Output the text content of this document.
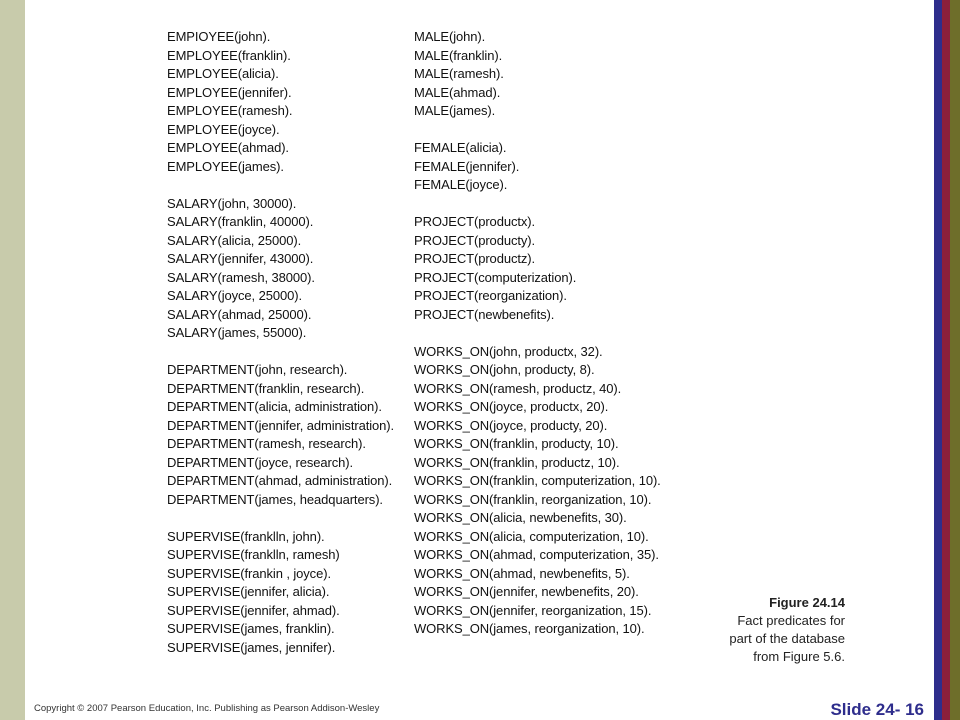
EMPIOYEE(john).
EMPLOYEE(franklin).
EMPLOYEE(alicia).
EMPLOYEE(jennifer).
EMPLOYEE(ramesh).
EMPLOYEE(joyce).
EMPLOYEE(ahmad).
EMPLOYEE(james).
SALARY(john, 30000).
SALARY(franklin, 40000).
SALARY(alicia, 25000).
SALARY(jennifer, 43000).
SALARY(ramesh, 38000).
SALARY(joyce, 25000).
SALARY(ahmad, 25000).
SALARY(james, 55000).
DEPARTMENT(john, research).
DEPARTMENT(franklin, research).
DEPARTMENT(alicia, administration).
DEPARTMENT(jennifer, administration).
DEPARTMENT(ramesh, research).
DEPARTMENT(joyce, research).
DEPARTMENT(ahmad, administration).
DEPARTMENT(james, headquarters).
SUPERVISE(frankl​ln, john).
SUPERVISE(frankl​ln, ramesh)
SUPERVISE(frankin , joyce).
SUPERVISE(jennifer, alicia).
SUPERVISE(jennifer, ahmad).
SUPERVISE(james, franklin).
SUPERVISE(james, jennifer).
MALE(john).
MALE(franklin).
MALE(ramesh).
MALE(ahmad).
MALE(james).
FEMALE(alicia).
FEMALE(jennifer).
FEMALE(joyce).
PROJECT(productx).
PROJECT(producty).
PROJECT(productz).
PROJECT(computerization).
PROJECT(reorganization).
PROJECT(newbenefits).
WORKS_ON(john, productx, 32).
WORKS_ON(john, producty, 8).
WORKS_ON(ramesh, productz, 40).
WORKS_ON(joyce, productx, 20).
WORKS_ON(joyce, producty, 20).
WORKS_ON(franklin, producty, 10).
WORKS_ON(franklin, productz, 10).
WORKS_ON(franklin, computerization, 10).
WORKS_ON(franklin, reorganization, 10).
WORKS_ON(alicia, newbenefits, 30).
WORKS_ON(alicia, computerization, 10).
WORKS_ON(ahmad, computerization, 35).
WORKS_ON(ahmad, newbenefits, 5).
WORKS_ON(jennifer, newbenefits, 20).
WORKS_ON(jennifer, reorganization, 15).
WORKS_ON(james, reorganization, 10).
Figure 24.14
Fact predicates for
part of the database
from Figure 5.6.
Copyright © 2007 Pearson Education, Inc. Publishing as Pearson Addison-Wesley	Slide 24- 16
